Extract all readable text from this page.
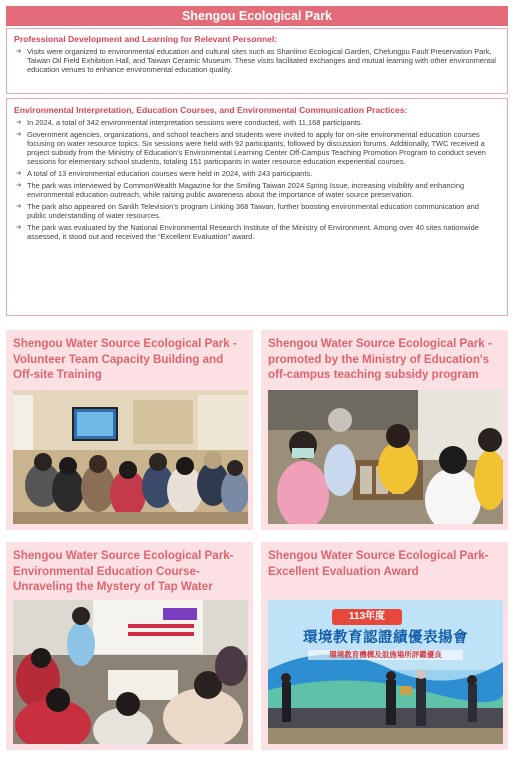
Shengou Ecological Park
Professional Development and Learning for Relevant Personnel:
➔ Visits were organized to environmental education and cultural sites such as Shanlinxi Ecological Garden, Chelungpu Fault Preservation Park, Taiwan Oil Field Exhibition Hall, and Taiwan Ceramic Museum. These visits facilitated exchanges and mutual learning with other environmental education venues to enhance environmental education quality.
Environmental Interpretation, Education Courses, and Environmental Communication Practices:
➔ In 2024, a total of 342 environmental interpretation sessions were conducted, with 11,168 participants.
➔ Government agencies, organizations, and school teachers and students were invited to apply for on-site environmental education courses focusing on water resource topics. Six sessions were held with 92 participants, followed by discussion forums. Additionally, TWC received a project subsidy from the Ministry of Education’s Environmental Learning Center Off-Campus Teaching Promotion Program to conduct seven sessions for elementary school students, totaling 151 participants in water resource education experiential courses.
➔ A total of 13 environmental education courses were held in 2024, with 243 participants.
➔ The park was interviewed by CommonWealth Magazine for the Smiling Taiwan 2024 Spring Issue, increasing visibility and enhancing environmental education outreach, while raising public awareness about the importance of water source preservation.
➔ The park also appeared on Sanlih Television’s program Linking 368 Taiwan, further boosting environmental education communication and public understanding of water resources.
➔ The park was evaluated by the National Environmental Research Institute of the Ministry of Environment. Among over 40 sites nationwide assessed, it stood out and received the “Excellent Evaluation” award.
Shengou Water Source Ecological Park - Volunteer Team Capacity Building and Off-site Training
Shengou Water Source Ecological Park - promoted by the Ministry of Education's off-campus teaching subsidy program
Shengou Water Source Ecological Park-Environmental Education Course-Unraveling the Mystery of Tap Water
Shengou Water Source Ecological Park-Excellent Evaluation Award
113年度
環境教育認證績優表揚會
環境教育機構及設施場所評鑑優良
